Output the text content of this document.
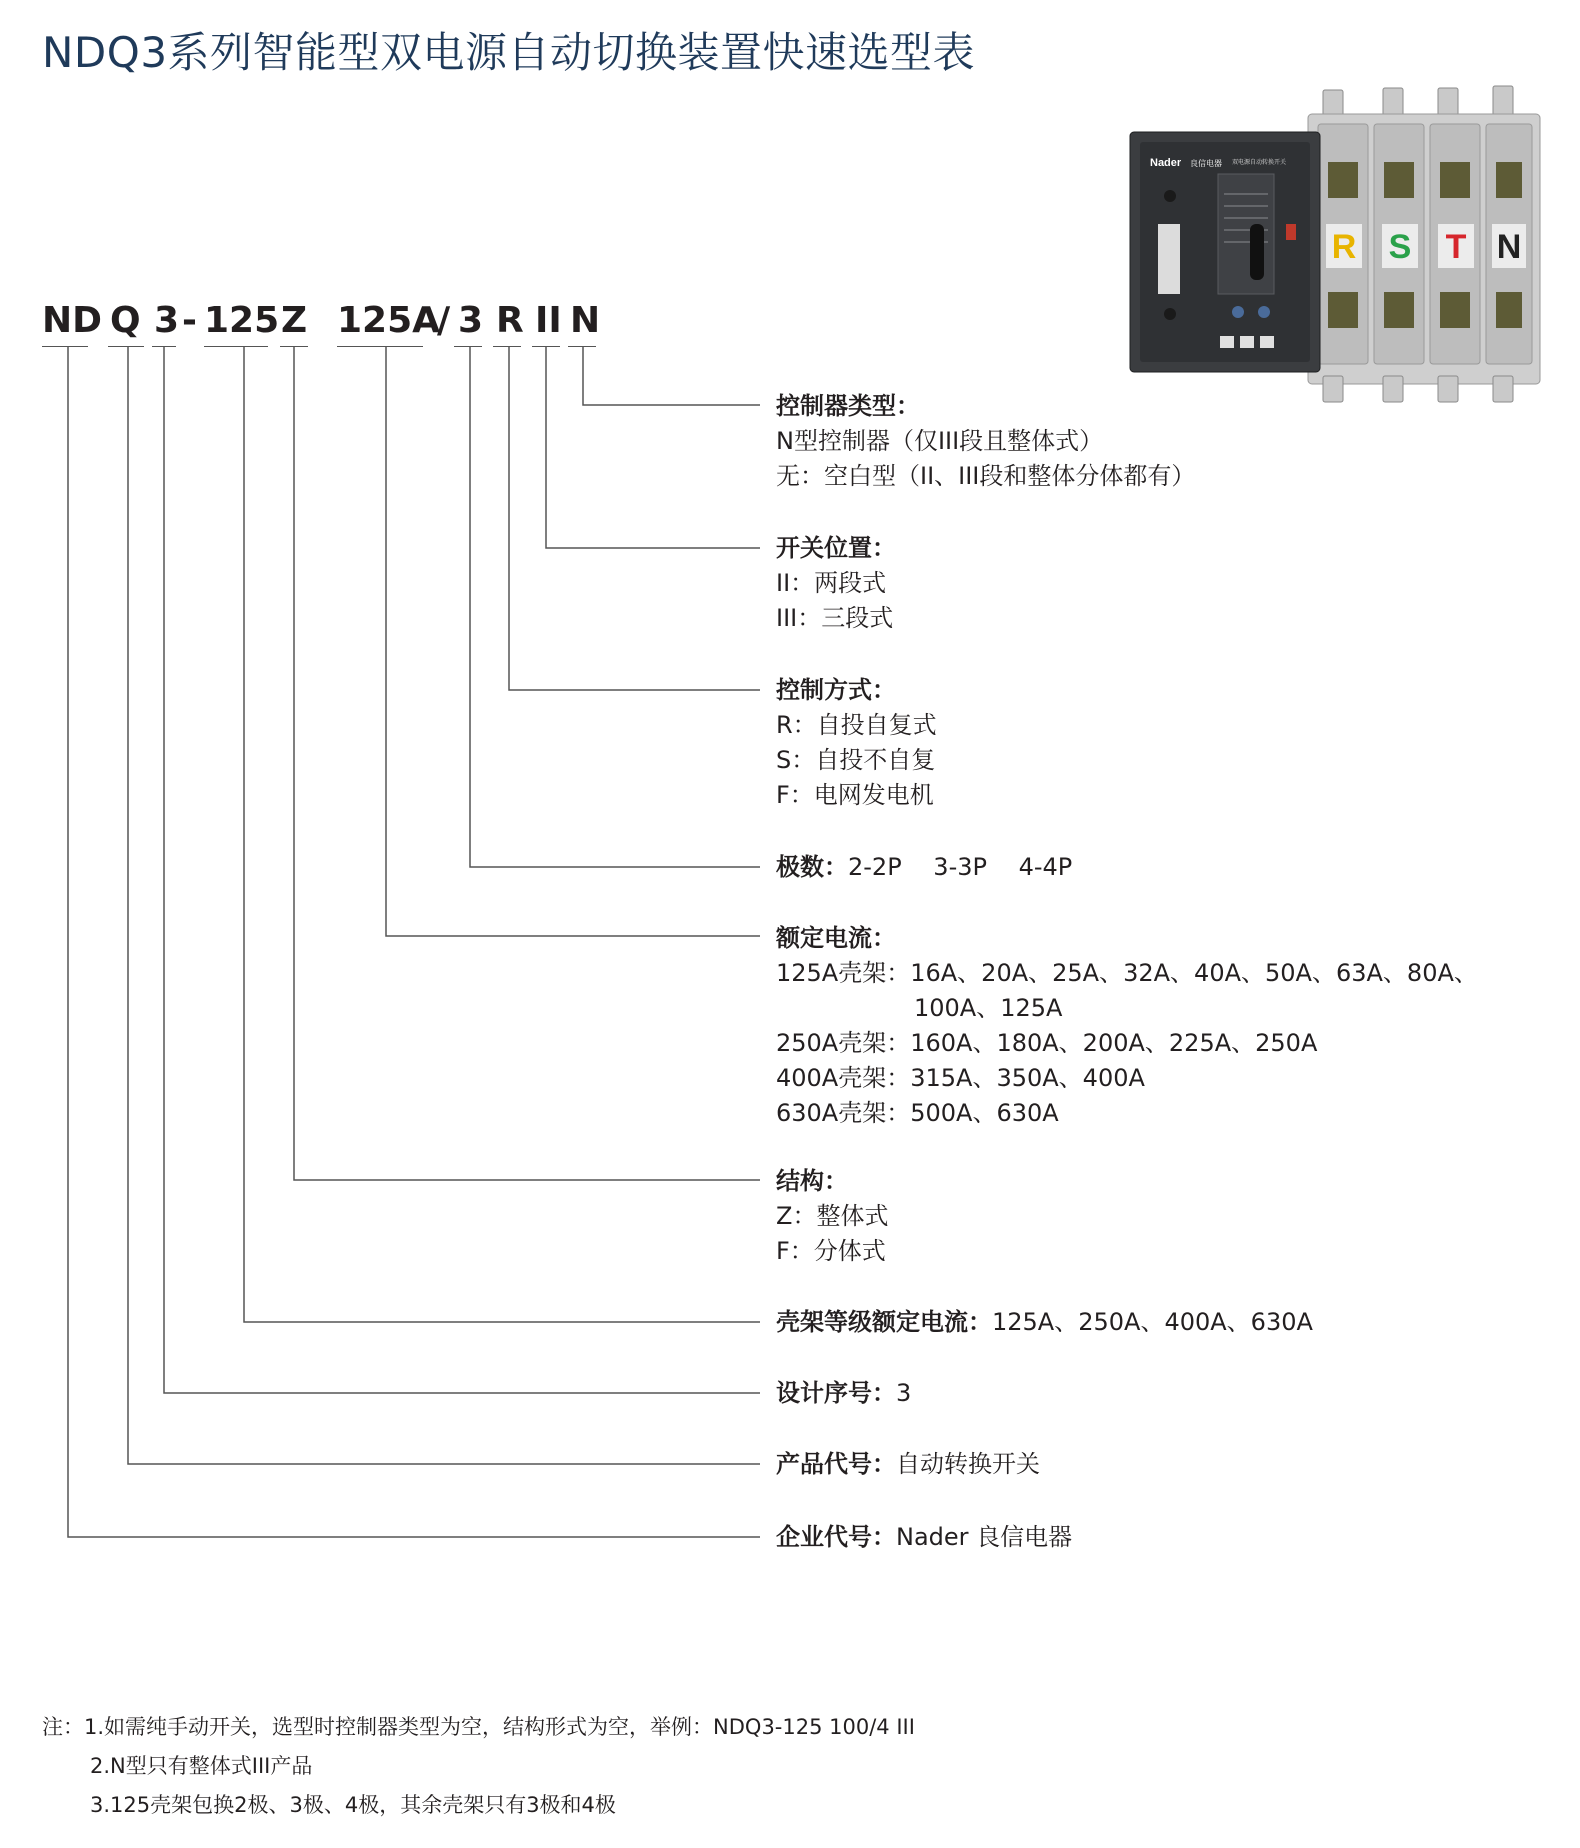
NDQ3系列智能型双电源自动切换装置快速选型表
ND Q 3 - 125 Z 125A
/ 3 R II N
控制器类型：
N型控制器（仅III段且整体式）
无：空白型（II、III段和整体分体都有）
开关位置：
II：两段式
III：三段式
控制方式：
R：自投自复式
S：自投不自复
F：电网发电机
极数：2-2P　 3-3P　 4-4P
额定电流：
125A壳架：16A、20A、25A、32A、40A、50A、63A、80A、
100A、125A
250A壳架：160A、180A、200A、225A、250A
400A壳架：315A、350A、400A
630A壳架：500A、630A
结构：
Z：整体式
F：分体式
壳架等级额定电流：125A、250A、400A、630A
设计序号：3
产品代号：自动转换开关
企业代号：Nader 良信电器
注：1.如需纯手动开关，选型时控制器类型为空，结构形式为空，举例：NDQ3-125 100/4 III
2.N型只有整体式III产品
3.125壳架包换2极、3极、4极，其余壳架只有3极和4极
R S T N
Nader 良信电器 双电源自动转换开关
